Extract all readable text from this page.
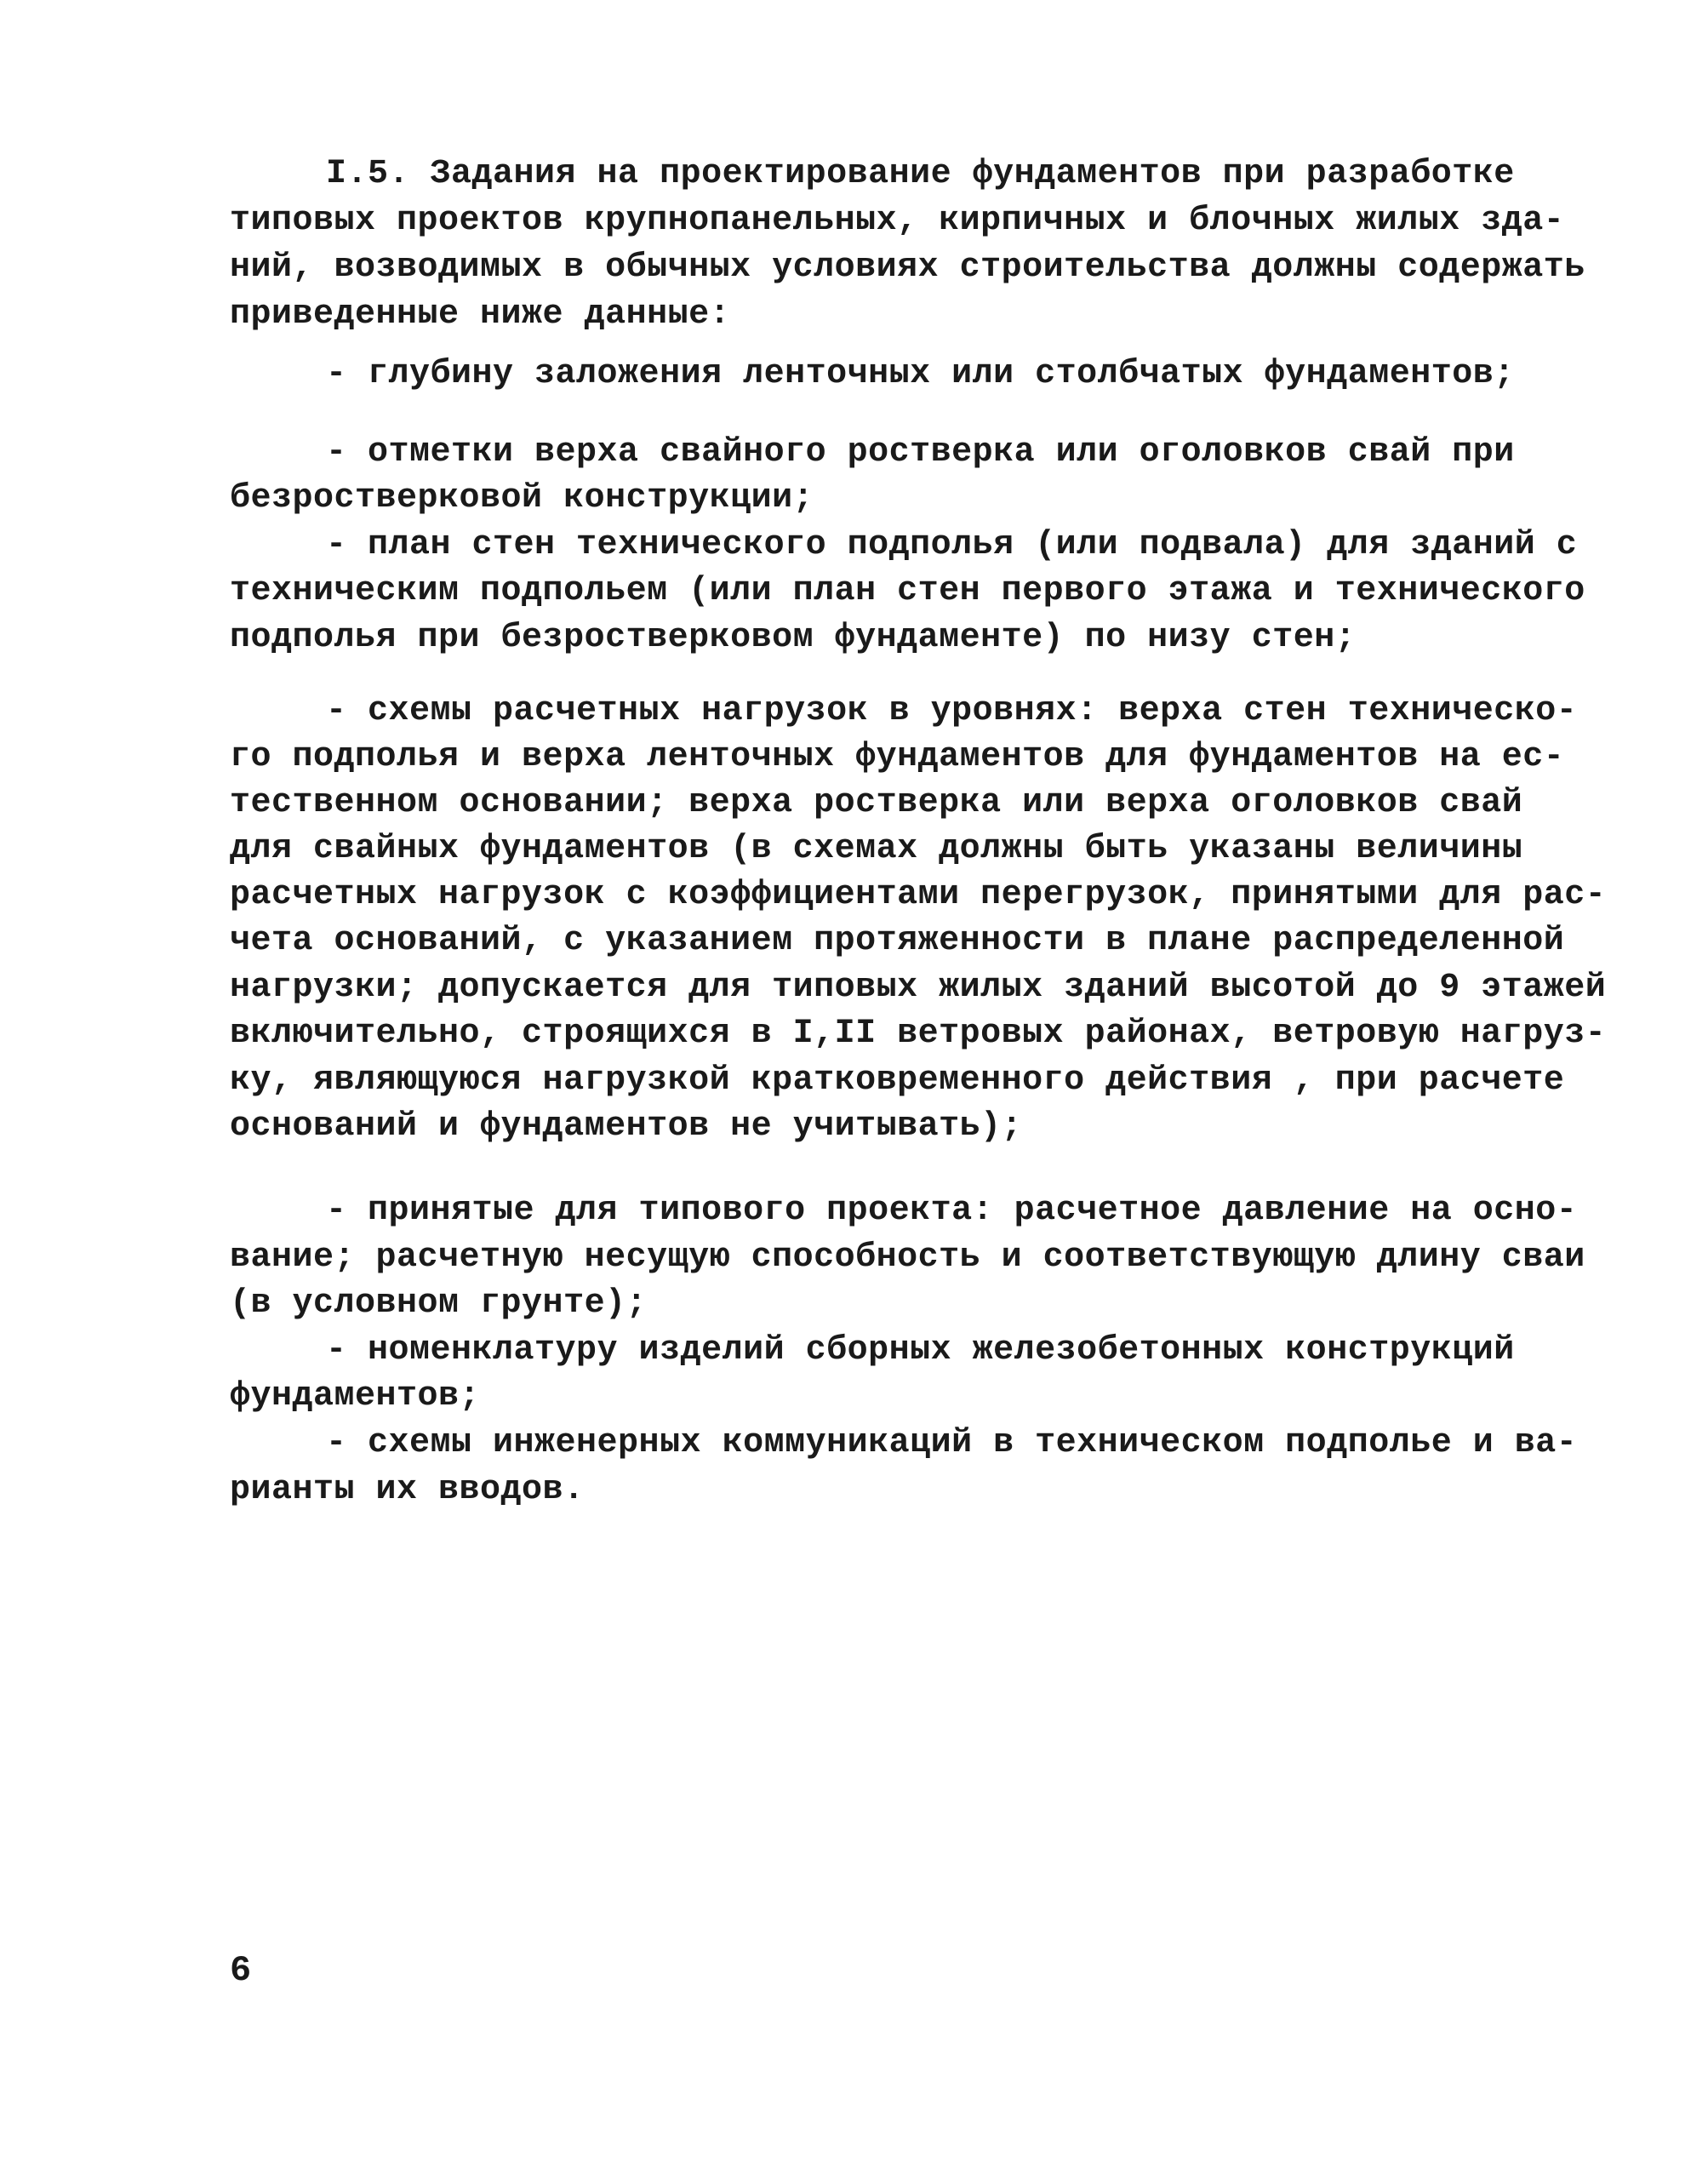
I.5. Задания на проектирование фундаментов при разработке
типовых проектов крупнопанельных, кирпичных и блочных жилых зда-
ний, возводимых в обычных условиях строительства должны содержать
приведенные ниже данные:
- глубину заложения ленточных или столбчатых фундаментов;
- отметки верха свайного ростверка или оголовков свай при
безростверковой конструкции;
- план стен технического подполья (или подвала) для зданий с
техническим подпольем (или план стен первого этажа и технического
подполья при безростверковом фундаменте) по низу стен;
- схемы расчетных нагрузок в уровнях: верха стен техническо-
го подполья и верха ленточных фундаментов для фундаментов на ес-
тественном основании; верха ростверка или верха оголовков свай
для свайных фундаментов (в схемах должны быть указаны величины
расчетных нагрузок с коэффициентами перегрузок, принятыми для рас-
чета оснований, с указанием протяженности в плане распределенной
нагрузки; допускается для типовых жилых зданий высотой до 9 этажей
включительно, строящихся в I,II ветровых районах, ветровую нагруз-
ку, являющуюся нагрузкой кратковременного действия , при расчете
оснований и фундаментов не учитывать);
- принятые для типового проекта: расчетное давление на осно-
вание; расчетную несущую способность и соответствующую длину сваи
(в условном грунте);
- номенклатуру изделий сборных железобетонных конструкций
фундаментов;
- схемы инженерных коммуникаций в техническом подполье и ва-
рианты их вводов.
6
